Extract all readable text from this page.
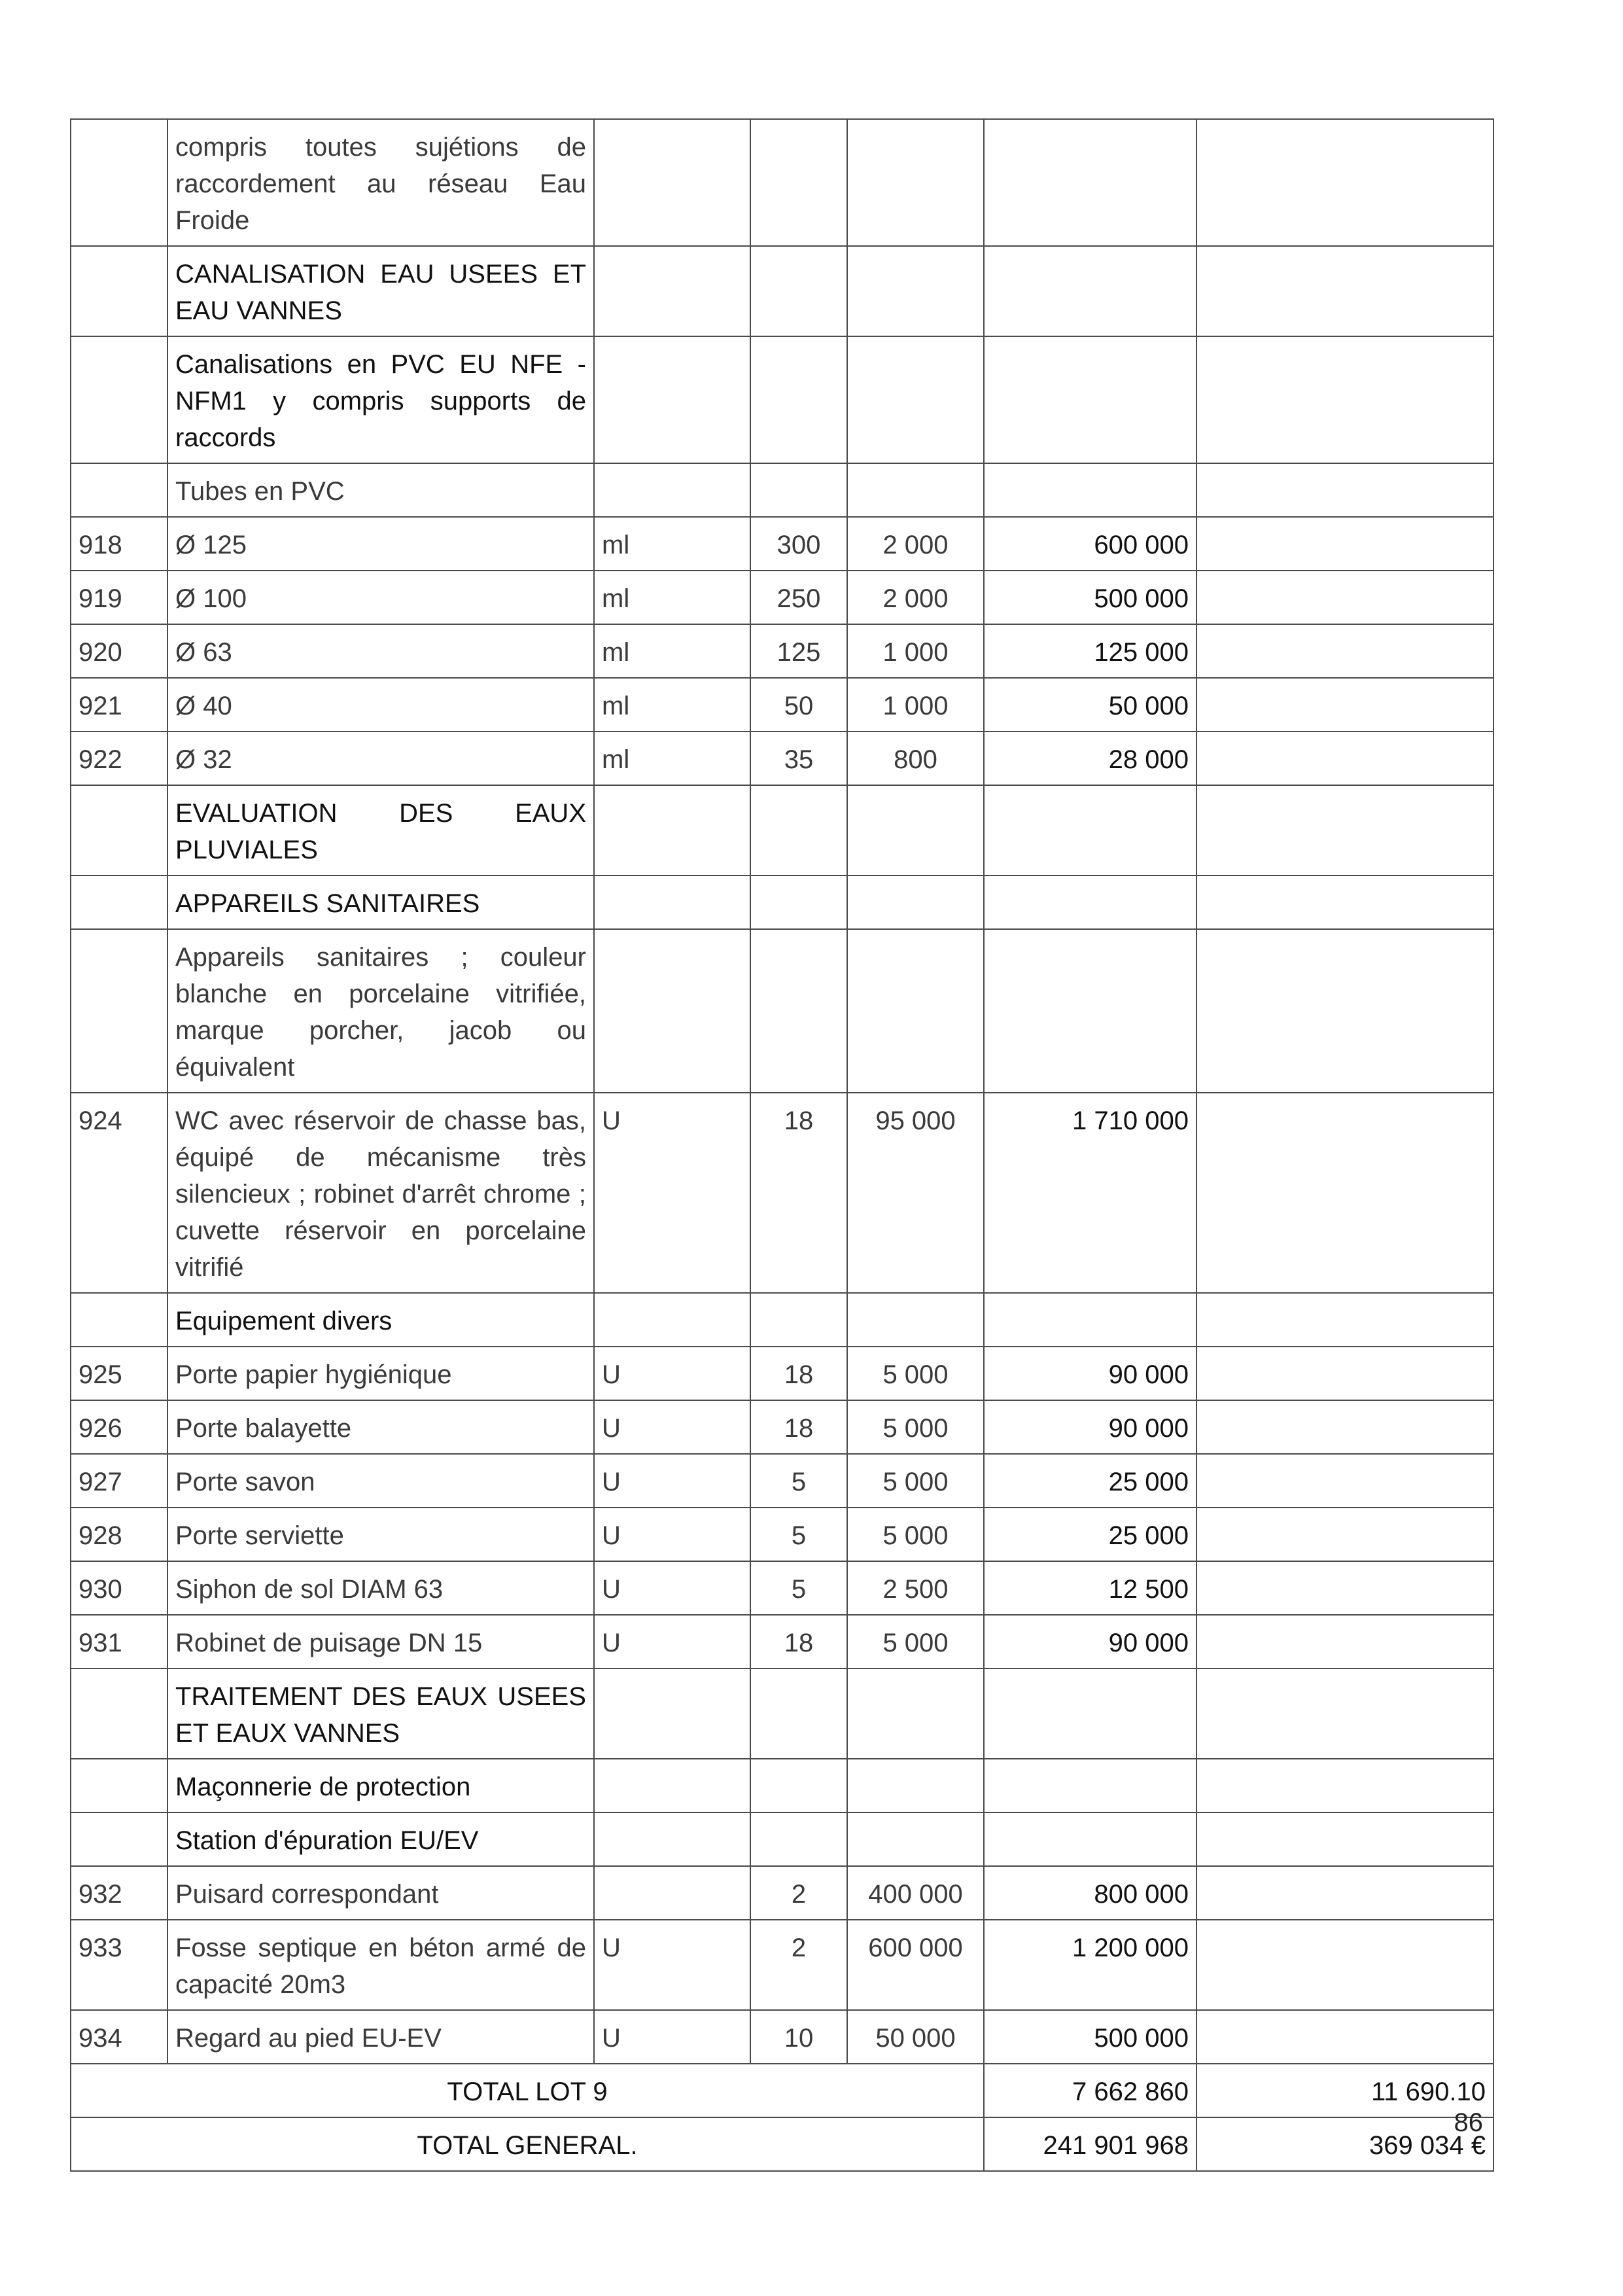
	compris toutes sujétions de raccordement au réseau Eau Froide					
	CANALISATION EAU USEES ET EAU VANNES					
	Canalisations en PVC EU NFE - NFM1 y compris supports de raccords					
	Tubes en PVC					
918	Ø 125	ml	300	2 000	600 000	
919	Ø 100	ml	250	2 000	500 000	
920	Ø 63	ml	125	1 000	125 000	
921	Ø 40	ml	50	1 000	50 000	
922	Ø 32	ml	35	800	28 000	
	EVALUATION DES EAUX PLUVIALES					
	APPAREILS SANITAIRES					
	Appareils sanitaires ; couleur blanche en porcelaine vitrifiée, marque porcher, jacob ou équivalent					
924	WC avec réservoir de chasse bas, équipé de mécanisme très silencieux ; robinet d'arrêt chrome ; cuvette réservoir en porcelaine vitrifié	U	18	95 000	1 710 000	
	Equipement divers					
925	Porte papier hygiénique	U	18	5 000	90 000	
926	Porte balayette	U	18	5 000	90 000	
927	Porte savon	U	5	5 000	25 000	
928	Porte serviette	U	5	5 000	25 000	
930	Siphon de sol DIAM 63	U	5	2 500	12 500	
931	Robinet de puisage DN 15	U	18	5 000	90 000	
	TRAITEMENT DES EAUX USEES ET EAUX VANNES					
	Maçonnerie de protection					
	Station d'épuration EU/EV					
932	Puisard correspondant		2	400 000	800 000	
933	Fosse septique en béton armé de capacité 20m3	U	2	600 000	1 200 000	
934	Regard au pied EU-EV	U	10	50 000	500 000	
TOTAL LOT 9					7 662 860	11 690.10
TOTAL GENERAL.					241 901 968	369 034 €
86
